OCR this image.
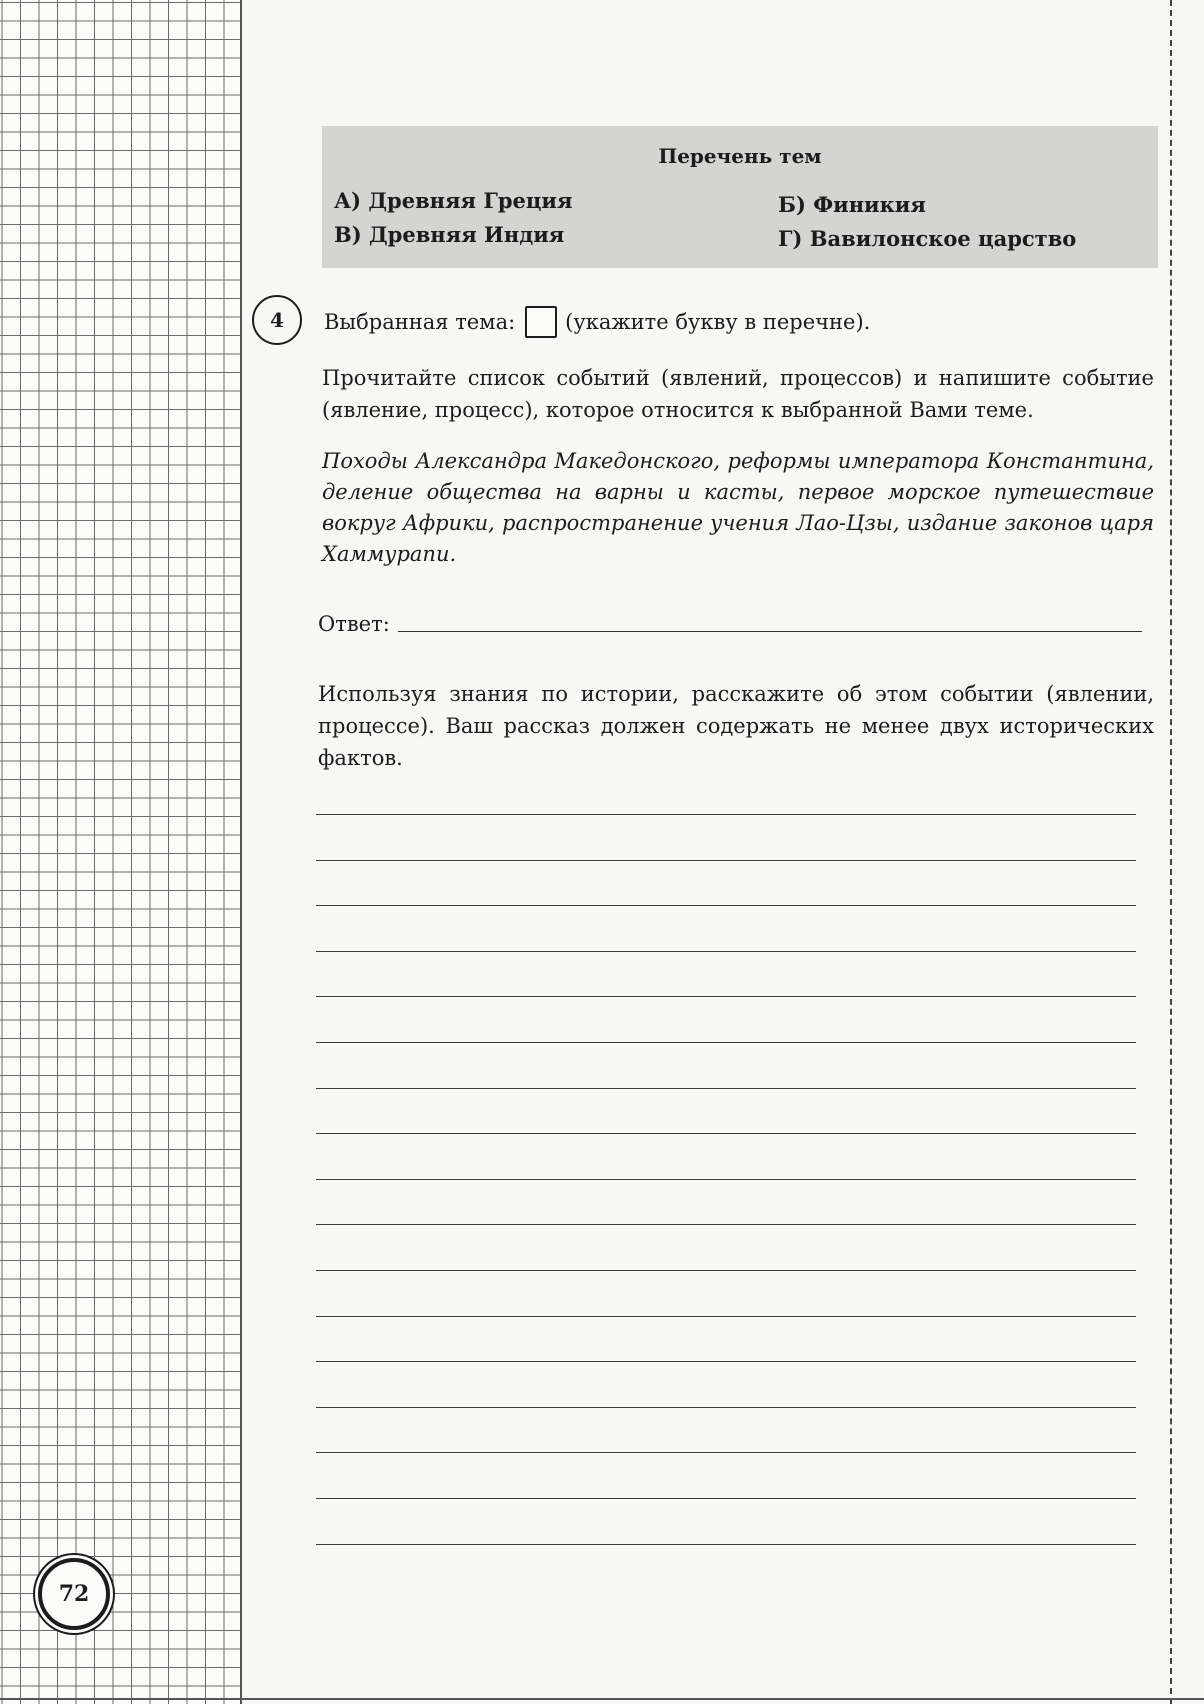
72
Перечень тем
А) Древняя Греция	Б) Финикия
В) Древняя Индия	Г) Вавилонское царство
4	Выбранная тема: (укажите букву в перечне).

Прочитайте список событий (явлений, процессов) и напишите событие (явление, процесс), которое относится к выбранной Вами теме.

Походы Александра Македонского, реформы императора Константина, деление общества на варны и касты, первое морское путешествие вокруг Африки, распространение учения Лао-Цзы, издание законов царя Хаммурапи.

Ответ:

Используя знания по истории, расскажите об этом событии (явлении, процессе). Ваш рассказ должен содержать не менее двух исторических фактов.
